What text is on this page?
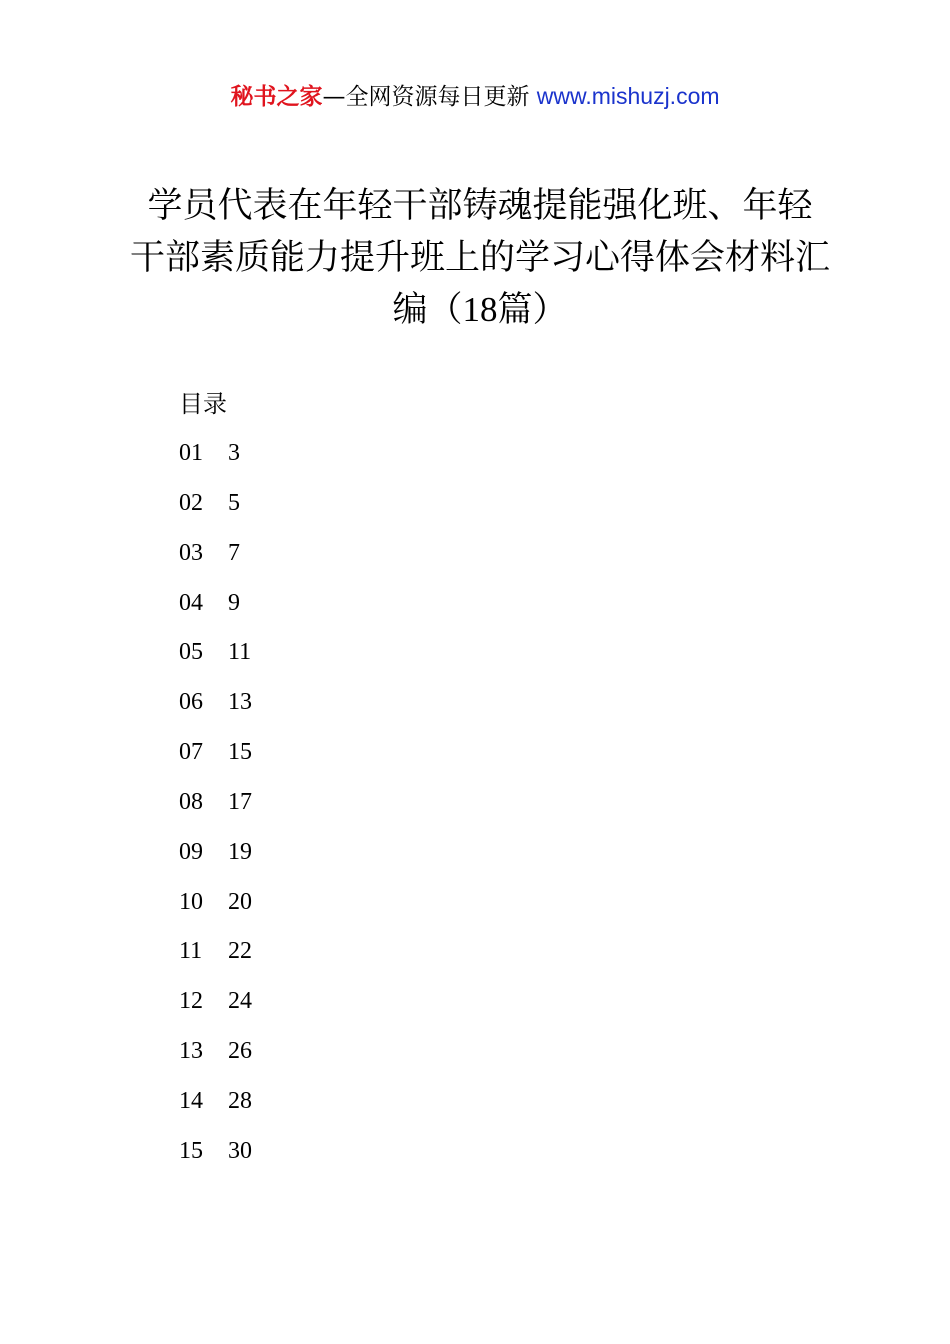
秘书之家—全网资源每日更新 www.mishuzj.com
学员代表在年轻干部铸魂提能强化班、年轻
干部素质能力提升班上的学习心得体会材料汇
编（18篇）
目录
01	3
02	5
03	7
04	9
05	11
06	13
07	15
08	17
09	19
10	20
11	22
12	24
13	26
14	28
15	30
